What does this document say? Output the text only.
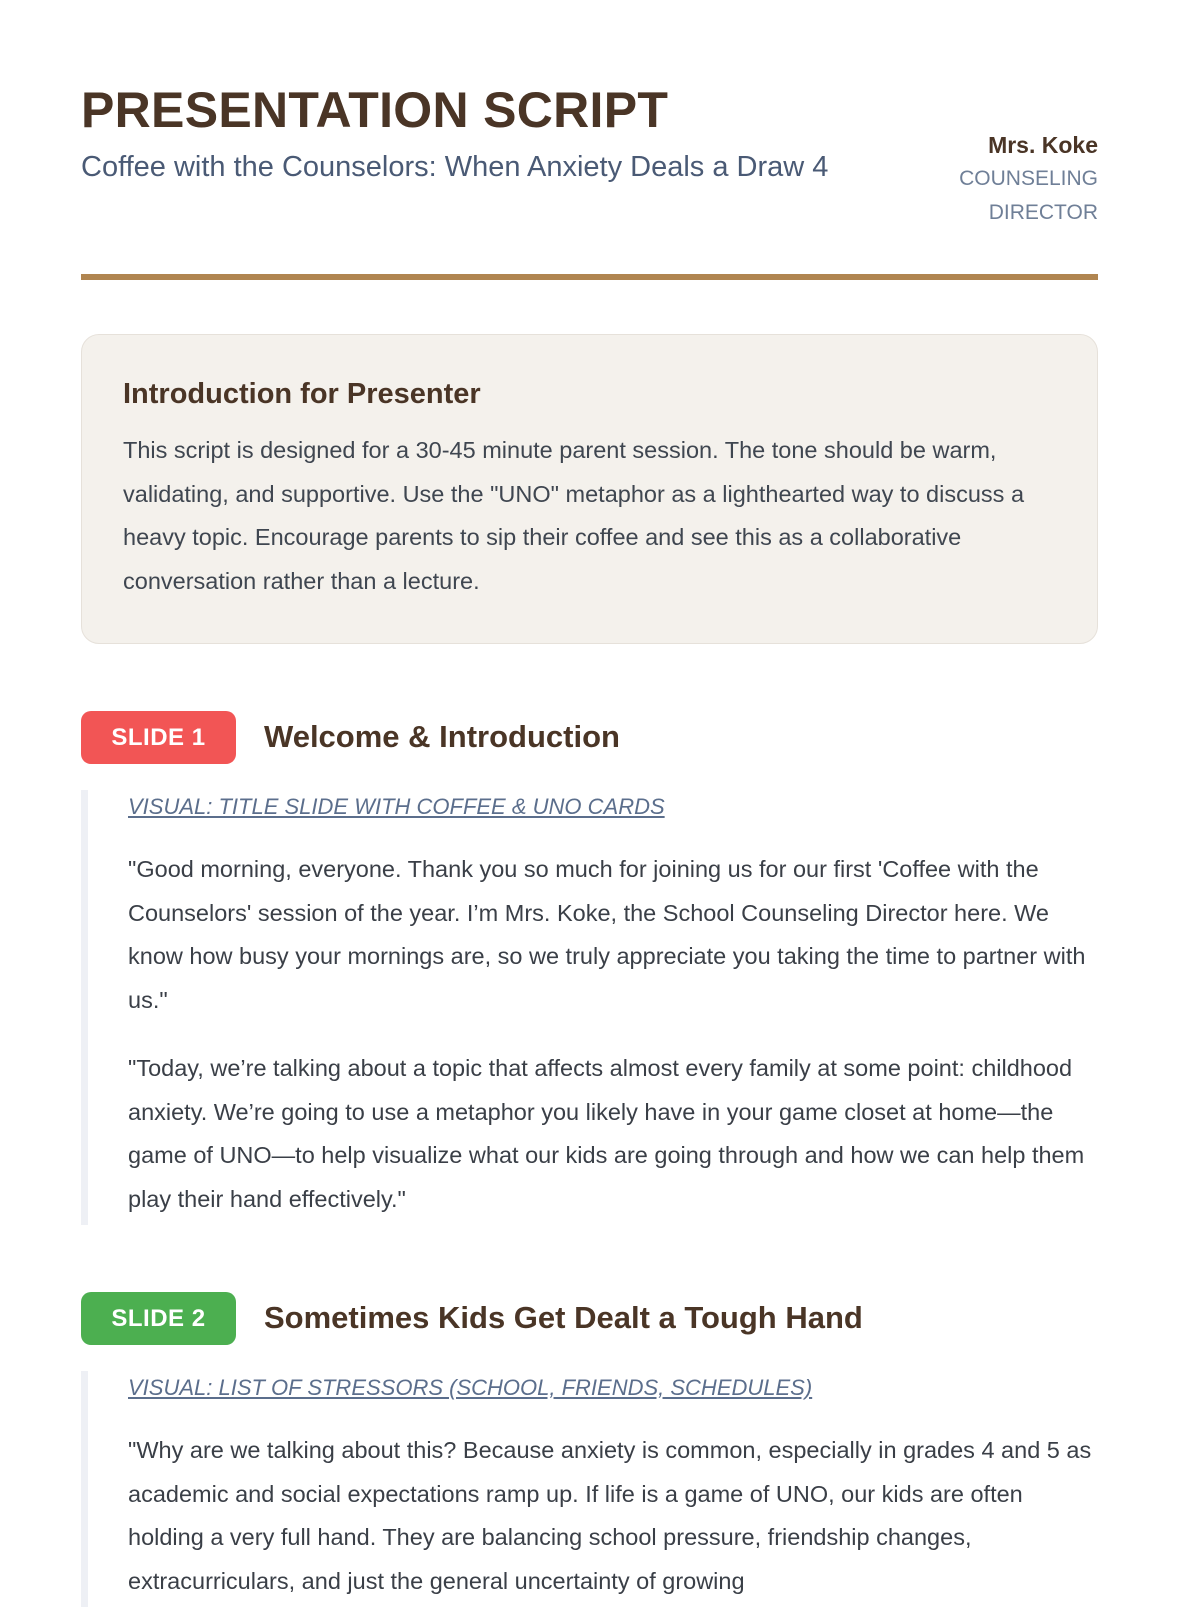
PRESENTATION SCRIPT
Coffee with the Counselors: When Anxiety Deals a Draw 4
Mrs. Koke
COUNSELING DIRECTOR
Introduction for Presenter

This script is designed for a 30-45 minute parent session. The tone should be warm, validating, and supportive. Use the "UNO" metaphor as a lighthearted way to discuss a heavy topic. Encourage parents to sip their coffee and see this as a collaborative conversation rather than a lecture.

SLIDE 1	Welcome & Introduction
VISUAL: TITLE SLIDE WITH COFFEE & UNO CARDS

"Good morning, everyone. Thank you so much for joining us for our first 'Coffee with the Counselors' session of the year. I’m Mrs. Koke, the School Counseling Director here. We know how busy your mornings are, so we truly appreciate you taking the time to partner with us."

"Today, we’re talking about a topic that affects almost every family at some point: childhood anxiety. We’re going to use a metaphor you likely have in your game closet at home—the game of UNO—to help visualize what our kids are going through and how we can help them play their hand effectively."

SLIDE 2	Sometimes Kids Get Dealt a Tough Hand
VISUAL: LIST OF STRESSORS (SCHOOL, FRIENDS, SCHEDULES)

"Why are we talking about this? Because anxiety is common, especially in grades 4 and 5 as academic and social expectations ramp up. If life is a game of UNO, our kids are often holding a very full hand. They are balancing school pressure, friendship changes, extracurriculars, and just the general uncertainty of growing
